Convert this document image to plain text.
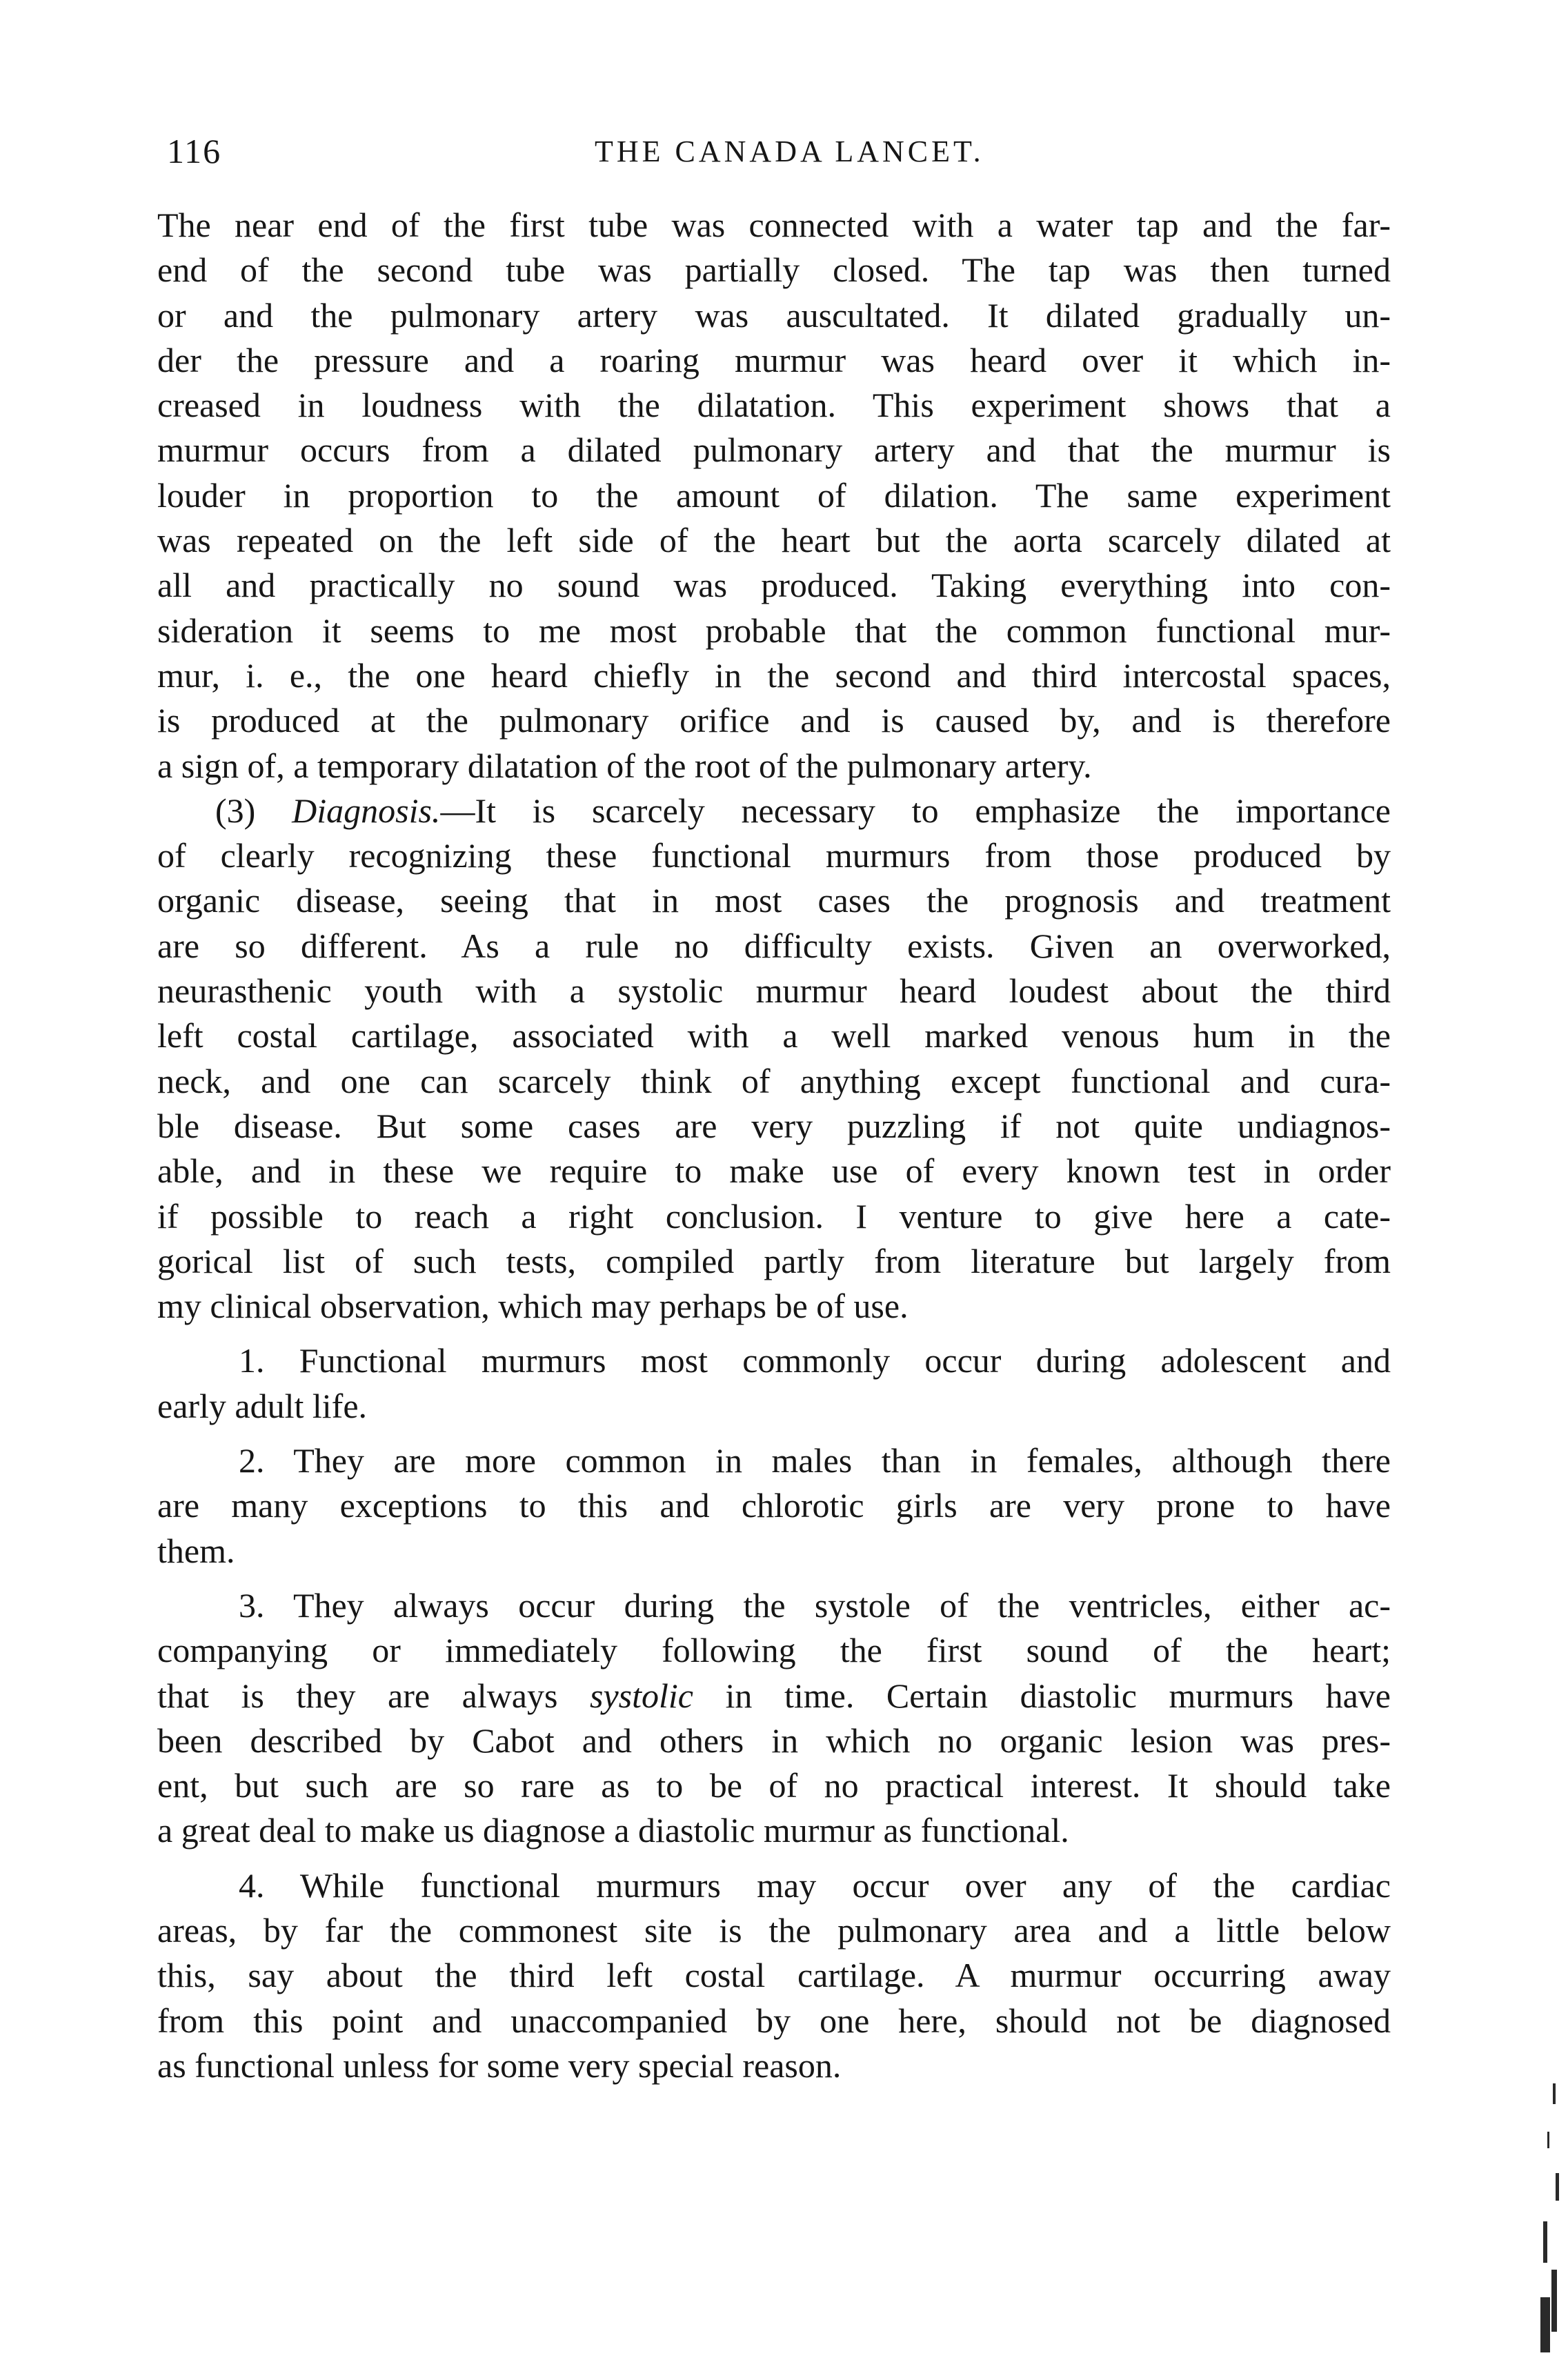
116	THE CANADA LANCET.
The near end of the first tube was connected with a water tap and the far-
end of the second tube was partially closed. The tap was then turned
or and the pulmonary artery was auscultated. It dilated gradually un-
der the pressure and a roaring murmur was heard over it which in-
creased in loudness with the dilatation. This experiment shows that a
murmur occurs from a dilated pulmonary artery and that the murmur is
louder in proportion to the amount of dilation. The same experiment
was repeated on the left side of the heart but the aorta scarcely dilated at
all and practically no sound was produced. Taking everything into con-
sideration it seems to me most probable that the common functional mur-
mur, i. e., the one heard chiefly in the second and third intercostal spaces,
is produced at the pulmonary orifice and is caused by, and is therefore
a sign of, a temporary dilatation of the root of the pulmonary artery.
(3) Diagnosis.—It is scarcely necessary to emphasize the importance
of clearly recognizing these functional murmurs from those produced by
organic disease, seeing that in most cases the prognosis and treatment
are so different. As a rule no difficulty exists. Given an overworked,
neurasthenic youth with a systolic murmur heard loudest about the third
left costal cartilage, associated with a well marked venous hum in the
neck, and one can scarcely think of anything except functional and cura-
ble disease. But some cases are very puzzling if not quite undiagnos-
able, and in these we require to make use of every known test in order
if possible to reach a right conclusion. I venture to give here a cate-
gorical list of such tests, compiled partly from literature but largely from
my clinical observation, which may perhaps be of use.
1. Functional murmurs most commonly occur during adolescent and
early adult life.
2. They are more common in males than in females, although there
are many exceptions to this and chlorotic girls are very prone to have
them.
3. They always occur during the systole of the ventricles, either ac-
companying or immediately following the first sound of the heart;
that is they are always systolic in time. Certain diastolic murmurs have
been described by Cabot and others in which no organic lesion was pres-
ent, but such are so rare as to be of no practical interest. It should take
a great deal to make us diagnose a diastolic murmur as functional.
4. While functional murmurs may occur over any of the cardiac
areas, by far the commonest site is the pulmonary area and a little below
this, say about the third left costal cartilage. A murmur occurring away
from this point and unaccompanied by one here, should not be diagnosed
as functional unless for some very special reason.
